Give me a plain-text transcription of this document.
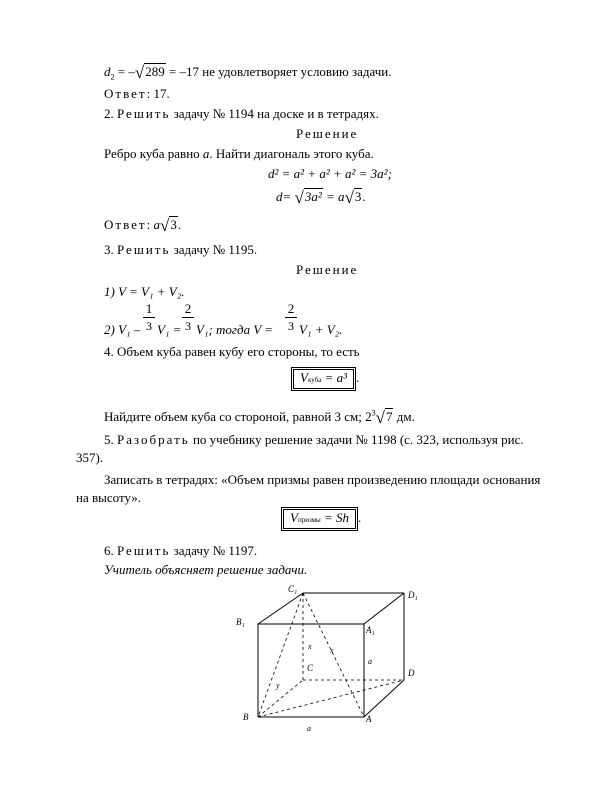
$d_2 = -√289 = -17$ не удовлетворяет условию задачи.
Ответ: 17.
2. Решить задачу № 1194 на доске и в тетрадях.
Решение
Ребро куба равно a. Найти диагональ этого куба.
d² = a² + a² + a² = 3a²;
d= √3a² = a√3.
Ответ: a√3.
3. Решить задачу № 1195.
Решение
1) V = V₁ + V₂.
1
3
2
3
2
3
2) V₁ – V₁ = V₁; тогда V = V₁ + V₂.
4. Объем куба равен кубу его стороны, то есть
Vкуба = a³ .
Найдите объем куба со стороной, равной 3 см; $2^3√7$ дм.
5. Разобрать по учебнику решение задачи № 1198 (с. 323, используя рис.
357).
Записать в тетрадях: «Объем призмы равен произведению площади основания
на высоту».
Vпризмы = Sh .
6. Решить задачу № 1197.
Учитель объясняет решение задачи.
C₁
D₁
B₁
A₁
B	A
C	D
a
a
x x
y
